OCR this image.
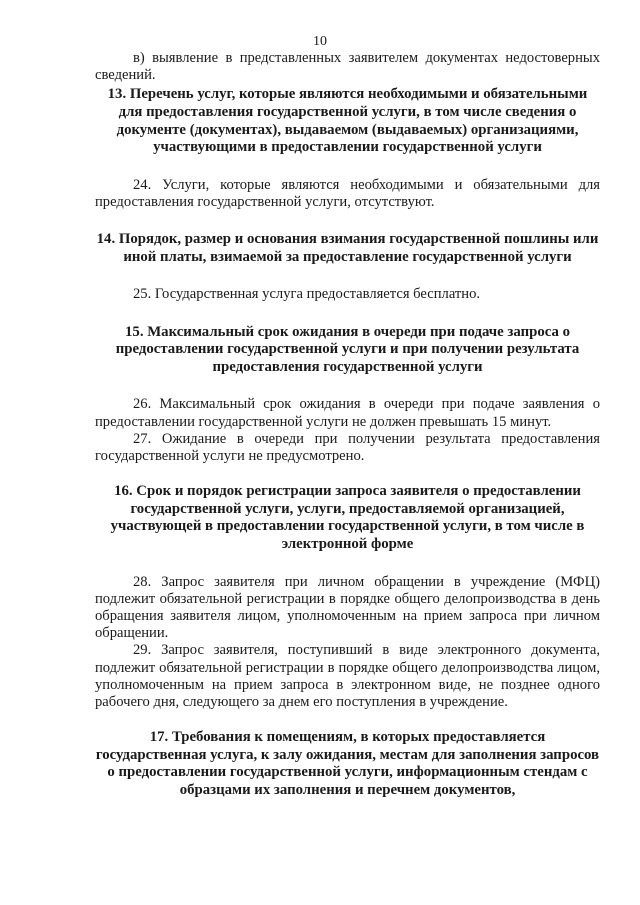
10

в) выявление в представленных заявителем документах недостоверных сведений.

13. Перечень услуг, которые являются необходимыми и обязательными для предоставления государственной услуги, в том числе сведения о документе (документах), выдаваемом (выдаваемых) организациями, участвующими в предоставлении государственной услуги

24. Услуги, которые являются необходимыми и обязательными для предоставления государственной услуги, отсутствуют.

14. Порядок, размер и основания взимания государственной пошлины или иной платы, взимаемой за предоставление государственной услуги

25. Государственная услуга предоставляется бесплатно.

15. Максимальный срок ожидания в очереди при подаче запроса о предоставлении государственной услуги и при получении результата предоставления государственной услуги

26. Максимальный срок ожидания в очереди при подаче заявления о предоставлении государственной услуги не должен превышать 15 минут.

27. Ожидание в очереди при получении результата предоставления государственной услуги не предусмотрено.

16. Срок и порядок регистрации запроса заявителя о предоставлении государственной услуги, услуги, предоставляемой организацией, участвующей в предоставлении государственной услуги, в том числе в электронной форме

28. Запрос заявителя при личном обращении в учреждение (МФЦ) подлежит обязательной регистрации в порядке общего делопроизводства в день обращения заявителя лицом, уполномоченным на прием запроса при личном обращении.

29. Запрос заявителя, поступивший в виде электронного документа, подлежит обязательной регистрации в порядке общего делопроизводства лицом, уполномоченным на прием запроса в электронном виде, не позднее одного рабочего дня, следующего за днем его поступления в учреждение.

17. Требования к помещениям, в которых предоставляется государственная услуга, к залу ожидания, местам для заполнения запросов о предоставлении государственной услуги, информационным стендам с образцами их заполнения и перечнем документов,
